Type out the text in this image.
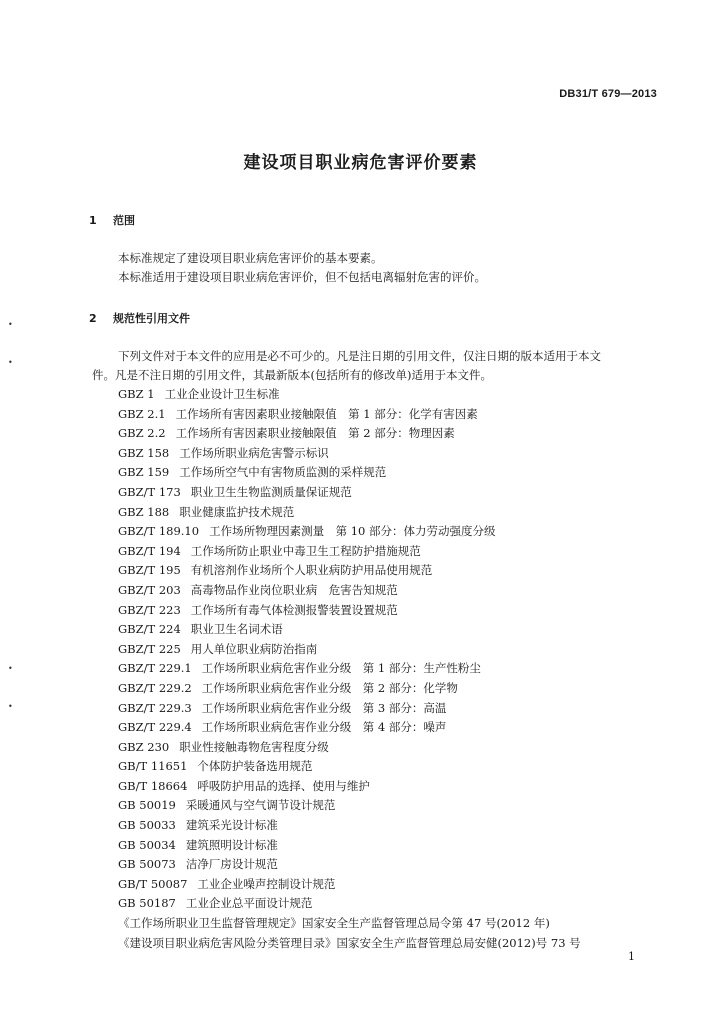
DB31/T 679—2013
建设项目职业病危害评价要素
1 范围
本标准规定了建设项目职业病危害评价的基本要素。
本标准适用于建设项目职业病危害评价，但不包括电离辐射危害的评价。
2 规范性引用文件
下列文件对于本文件的应用是必不可少的。凡是注日期的引用文件，仅注日期的版本适用于本文
件。凡是不注日期的引用文件，其最新版本(包括所有的修改单)适用于本文件。
GBZ 1 工业企业设计卫生标准
GBZ 2.1 工作场所有害因素职业接触限值　第 1 部分：化学有害因素
GBZ 2.2 工作场所有害因素职业接触限值　第 2 部分：物理因素
GBZ 158 工作场所职业病危害警示标识
GBZ 159 工作场所空气中有害物质监测的采样规范
GBZ/T 173 职业卫生生物监测质量保证规范
GBZ 188 职业健康监护技术规范
GBZ/T 189.10 工作场所物理因素测量　第 10 部分：体力劳动强度分级
GBZ/T 194 工作场所防止职业中毒卫生工程防护措施规范
GBZ/T 195 有机溶剂作业场所个人职业病防护用品使用规范
GBZ/T 203 高毒物品作业岗位职业病　危害告知规范
GBZ/T 223 工作场所有毒气体检测报警装置设置规范
GBZ/T 224 职业卫生名词术语
GBZ/T 225 用人单位职业病防治指南
GBZ/T 229.1 工作场所职业病危害作业分级　第 1 部分：生产性粉尘
GBZ/T 229.2 工作场所职业病危害作业分级　第 2 部分：化学物
GBZ/T 229.3 工作场所职业病危害作业分级　第 3 部分：高温
GBZ/T 229.4 工作场所职业病危害作业分级　第 4 部分：噪声
GBZ 230 职业性接触毒物危害程度分级
GB/T 11651 个体防护装备选用规范
GB/T 18664 呼吸防护用品的选择、使用与维护
GB 50019 采暖通风与空气调节设计规范
GB 50033 建筑采光设计标准
GB 50034 建筑照明设计标准
GB 50073 洁净厂房设计规范
GB/T 50087 工业企业噪声控制设计规范
GB 50187 工业企业总平面设计规范
《工作场所职业卫生监督管理规定》国家安全生产监督管理总局令第 47 号(2012 年)
《建设项目职业病危害风险分类管理目录》国家安全生产监督管理总局安健(2012)号 73 号
1
•
•
•
•
